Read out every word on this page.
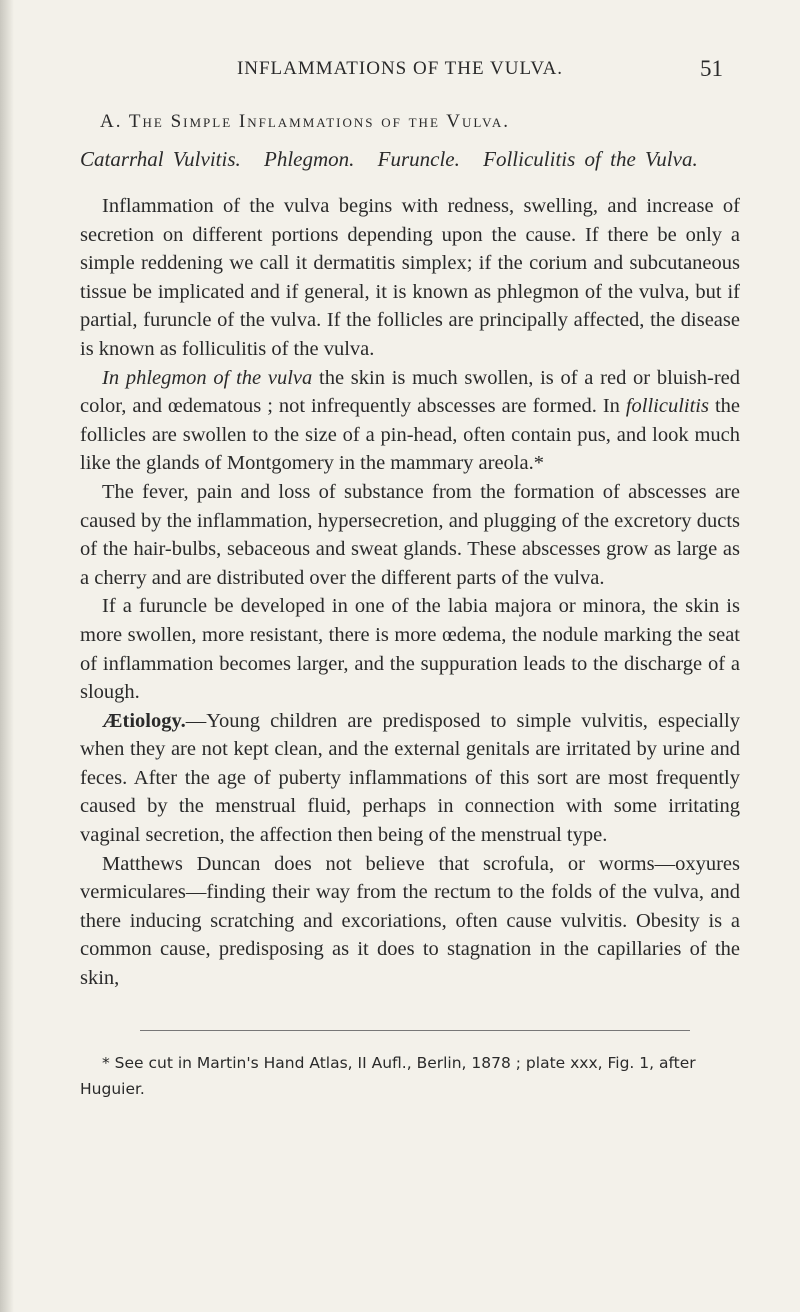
INFLAMMATIONS OF THE VULVA.	51
A. The Simple Inflammations of the Vulva.
Catarrhal Vulvitis. Phlegmon. Furuncle. Folliculitis of the Vulva.

Inflammation of the vulva begins with redness, swelling, and increase of secretion on different portions depending upon the cause. If there be only a simple reddening we call it dermatitis simplex; if the corium and subcutaneous tissue be implicated and if general, it is known as phlegmon of the vulva, but if partial, furuncle of the vulva. If the follicles are principally affected, the disease is known as folliculitis of the vulva.

In phlegmon of the vulva the skin is much swollen, is of a red or bluish-red color, and œdematous ; not infrequently abscesses are formed. In folliculitis the follicles are swollen to the size of a pin-head, often contain pus, and look much like the glands of Montgomery in the mammary areola.*

The fever, pain and loss of substance from the formation of abscesses are caused by the inflammation, hypersecretion, and plugging of the excretory ducts of the hair-bulbs, sebaceous and sweat glands. These abscesses grow as large as a cherry and are distributed over the different parts of the vulva.

If a furuncle be developed in one of the labia majora or minora, the skin is more swollen, more resistant, there is more œdema, the nodule marking the seat of inflammation becomes larger, and the suppuration leads to the discharge of a slough.

Ætiology.—Young children are predisposed to simple vulvitis, especially when they are not kept clean, and the external genitals are irritated by urine and feces. After the age of puberty inflammations of this sort are most frequently caused by the menstrual fluid, perhaps in connection with some irritating vaginal secretion, the affection then being of the menstrual type.

Matthews Duncan does not believe that scrofula, or worms—oxyures vermiculares—finding their way from the rectum to the folds of the vulva, and there inducing scratching and excoriations, often cause vulvitis. Obesity is a common cause, predisposing as it does to stagnation in the capillaries of the skin,

* See cut in Martin's Hand Atlas, II Aufl., Berlin, 1878 ; plate xxx, Fig. 1, after Huguier.
